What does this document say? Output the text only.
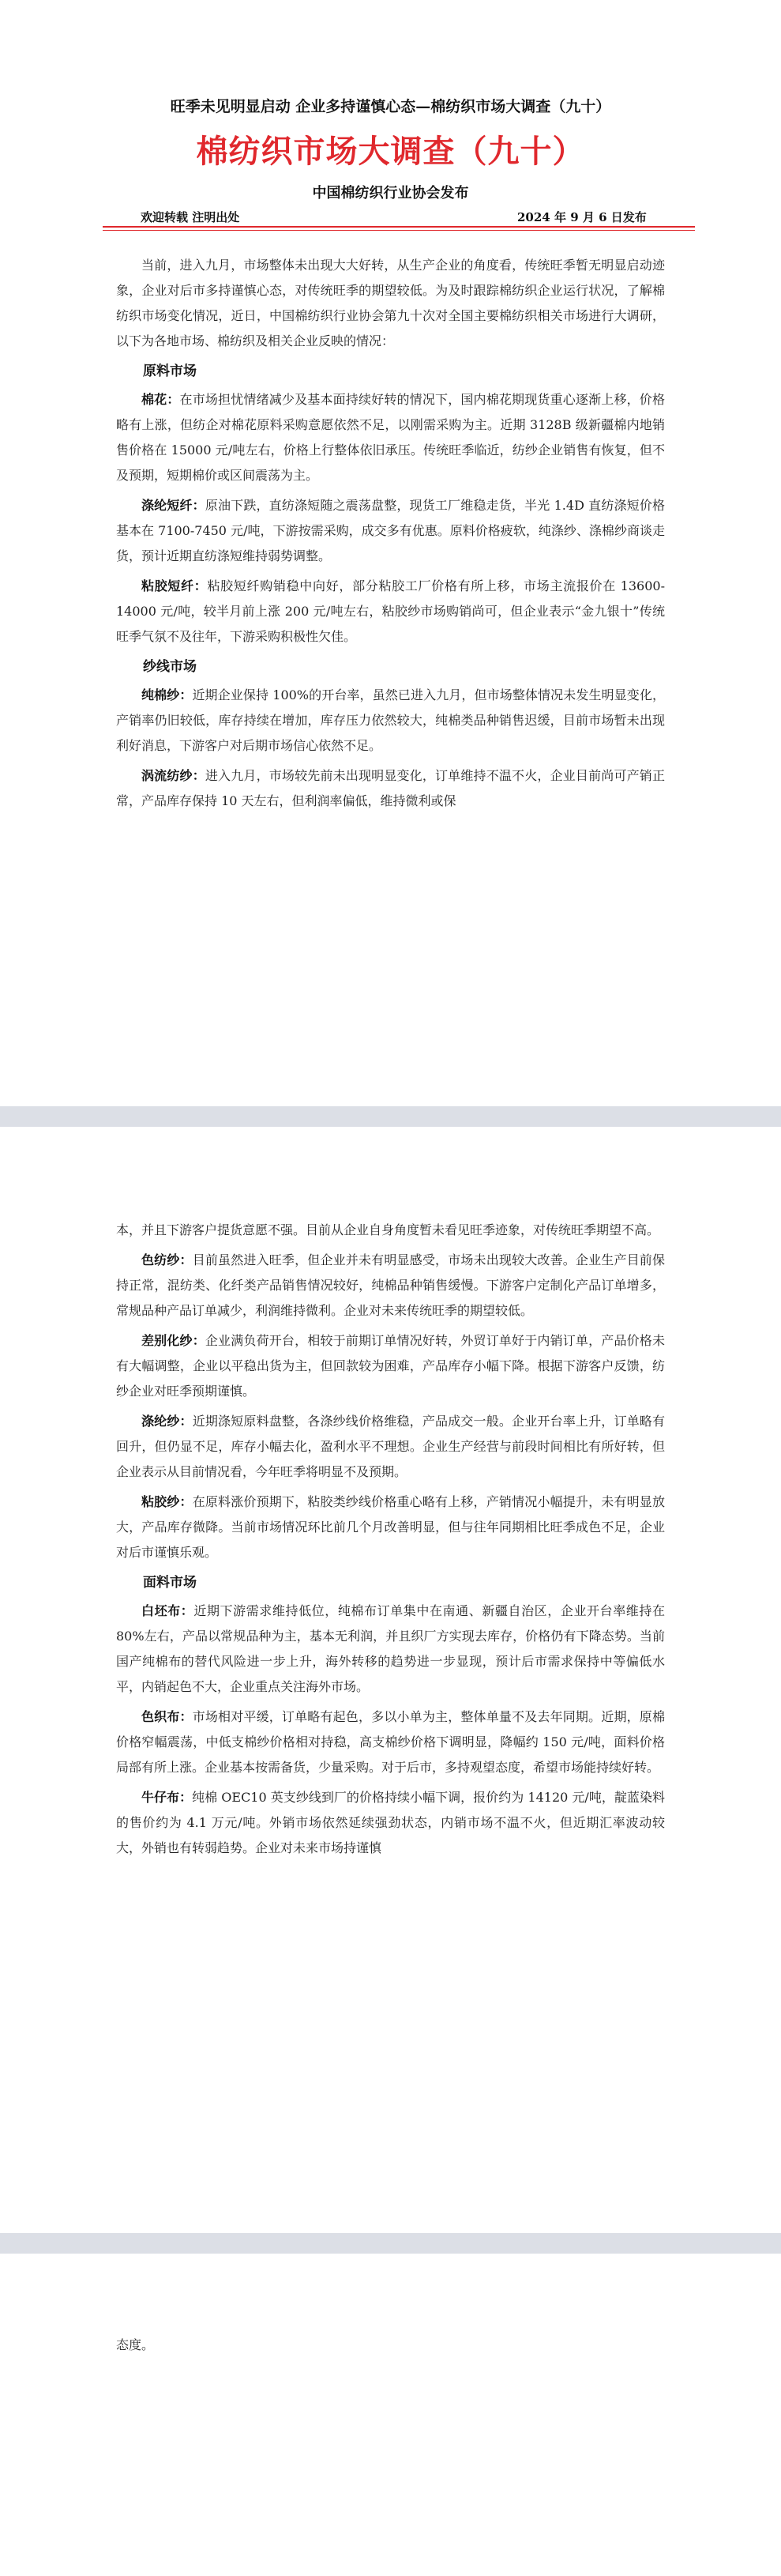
旺季未见明显启动 企业多持谨慎心态—棉纺织市场大调查（九十）
棉纺织市场大调查（九十）
中国棉纺织行业协会发布
欢迎转载 注明出处	2024 年 9 月 6 日发布

当前，进入九月，市场整体未出现大大好转，从生产企业的角度看，传统旺季暂无明显启动迹象，企业对后市多持谨慎心态，对传统旺季的期望较低。为及时跟踪棉纺织企业运行状况，了解棉纺织市场变化情况，近日，中国棉纺织行业协会第九十次对全国主要棉纺织相关市场进行大调研，以下为各地市场、棉纺织及相关企业反映的情况：

原料市场

棉花：在市场担忧情绪减少及基本面持续好转的情况下，国内棉花期现货重心逐渐上移，价格略有上涨，但纺企对棉花原料采购意愿依然不足，以刚需采购为主。近期 3128B 级新疆棉内地销售价格在 15000 元/吨左右，价格上行整体依旧承压。传统旺季临近，纺纱企业销售有恢复，但不及预期，短期棉价或区间震荡为主。

涤纶短纤：原油下跌，直纺涤短随之震荡盘整，现货工厂维稳走货，半光 1.4D 直纺涤短价格基本在 7100-7450 元/吨，下游按需采购，成交多有优惠。原料价格疲软，纯涤纱、涤棉纱商谈走货，预计近期直纺涤短维持弱势调整。

粘胶短纤：粘胶短纤购销稳中向好，部分粘胶工厂价格有所上移，市场主流报价在 13600-14000 元/吨，较半月前上涨 200 元/吨左右，粘胶纱市场购销尚可，但企业表示“金九银十”传统旺季气氛不及往年，下游采购积极性欠佳。

纱线市场

纯棉纱：近期企业保持 100%的开台率，虽然已进入九月，但市场整体情况未发生明显变化，产销率仍旧较低，库存持续在增加，库存压力依然较大，纯棉类品种销售迟缓，目前市场暂未出现利好消息，下游客户对后期市场信心依然不足。

涡流纺纱：进入九月，市场较先前未出现明显变化，订单维持不温不火，企业目前尚可产销正常，产品库存保持 10 天左右，但利润率偏低，维持微利或保

本，并且下游客户提货意愿不强。目前从企业自身角度暂未看见旺季迹象，对传统旺季期望不高。

色纺纱：目前虽然进入旺季，但企业并未有明显感受，市场未出现较大改善。企业生产目前保持正常，混纺类、化纤类产品销售情况较好，纯棉品种销售缓慢。下游客户定制化产品订单增多，常规品种产品订单减少，利润维持微利。企业对未来传统旺季的期望较低。

差别化纱：企业满负荷开台，相较于前期订单情况好转，外贸订单好于内销订单，产品价格未有大幅调整，企业以平稳出货为主，但回款较为困难，产品库存小幅下降。根据下游客户反馈，纺纱企业对旺季预期谨慎。

涤纶纱：近期涤短原料盘整，各涤纱线价格维稳，产品成交一般。企业开台率上升，订单略有回升，但仍显不足，库存小幅去化，盈利水平不理想。企业生产经营与前段时间相比有所好转，但企业表示从目前情况看，今年旺季将明显不及预期。

粘胶纱：在原料涨价预期下，粘胶类纱线价格重心略有上移，产销情况小幅提升，未有明显放大，产品库存微降。当前市场情况环比前几个月改善明显，但与往年同期相比旺季成色不足，企业对后市谨慎乐观。

面料市场

白坯布：近期下游需求维持低位，纯棉布订单集中在南通、新疆自治区，企业开台率维持在 80%左右，产品以常规品种为主，基本无利润，并且织厂方实现去库存，价格仍有下降态势。当前国产纯棉布的替代风险进一步上升，海外转移的趋势进一步显现，预计后市需求保持中等偏低水平，内销起色不大，企业重点关注海外市场。

色织布：市场相对平缓，订单略有起色，多以小单为主，整体单量不及去年同期。近期，原棉价格窄幅震荡，中低支棉纱价格相对持稳，高支棉纱价格下调明显，降幅约 150 元/吨，面料价格局部有所上涨。企业基本按需备货，少量采购。对于后市，多持观望态度，希望市场能持续好转。

牛仔布：纯棉 OEC10 英支纱线到厂的价格持续小幅下调，报价约为 14120 元/吨，靛蓝染料的售价约为 4.1 万元/吨。外销市场依然延续强劲状态，内销市场不温不火，但近期汇率波动较大，外销也有转弱趋势。企业对未来市场持谨慎

态度。
